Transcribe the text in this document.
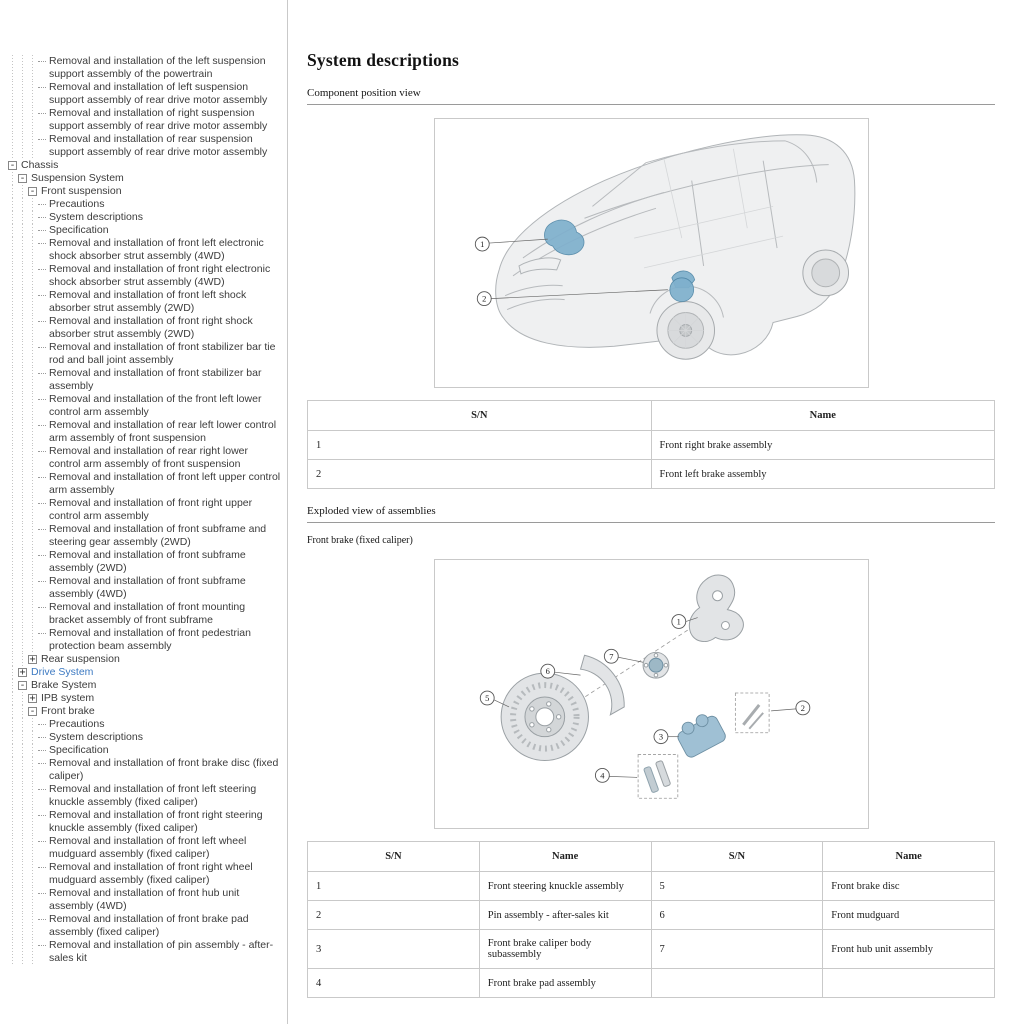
Removal and installation of the left suspension support assembly of the powertrain
Removal and installation of left suspension support assembly of rear drive motor assembly
Removal and installation of right suspension support assembly of rear drive motor assembly
Removal and installation of rear suspension support assembly of rear drive motor assembly
- Chassis
- Suspension System
- Front suspension
Precautions
System descriptions
Specification
Removal and installation of front left electronic shock absorber strut assembly (4WD)
Removal and installation of front right electronic shock absorber strut assembly (4WD)
Removal and installation of front left shock absorber strut assembly (2WD)
Removal and installation of front right shock absorber strut assembly (2WD)
Removal and installation of front stabilizer bar tie rod and ball joint assembly
Removal and installation of front stabilizer bar assembly
Removal and installation of the front left lower control arm assembly
Removal and installation of rear left lower control arm assembly of front suspension
Removal and installation of rear right lower control arm assembly of front suspension
Removal and installation of front left upper control arm assembly
Removal and installation of front right upper control arm assembly
Removal and installation of front subframe and steering gear assembly (2WD)
Removal and installation of front subframe assembly (2WD)
Removal and installation of front subframe assembly (4WD)
Removal and installation of front mounting bracket assembly of front subframe
Removal and installation of front pedestrian protection beam assembly
+ Rear suspension
+ Drive System
- Brake System
+ IPB system
- Front brake
Precautions
System descriptions
Specification
Removal and installation of front brake disc (fixed caliper)
Removal and installation of front left steering knuckle assembly (fixed caliper)
Removal and installation of front right steering knuckle assembly (fixed caliper)
Removal and installation of front left wheel mudguard assembly (fixed caliper)
Removal and installation of front right wheel mudguard assembly (fixed caliper)
Removal and installation of front hub unit assembly (4WD)
Removal and installation of front brake pad assembly (fixed caliper)
Removal and installation of pin assembly - after-sales kit
System descriptions
Component position view
1
2
S/N	Name
1	Front right brake assembly
2	Front left brake assembly
Exploded view of assemblies
Front brake (fixed caliper)
1
7
6
5
2
3
4
S/N	Name	S/N	Name
1	Front steering knuckle assembly	5	Front brake disc
2	Pin assembly - after-sales kit	6	Front mudguard
3	Front brake caliper body subassembly	7	Front hub unit assembly
4	Front brake pad assembly		
